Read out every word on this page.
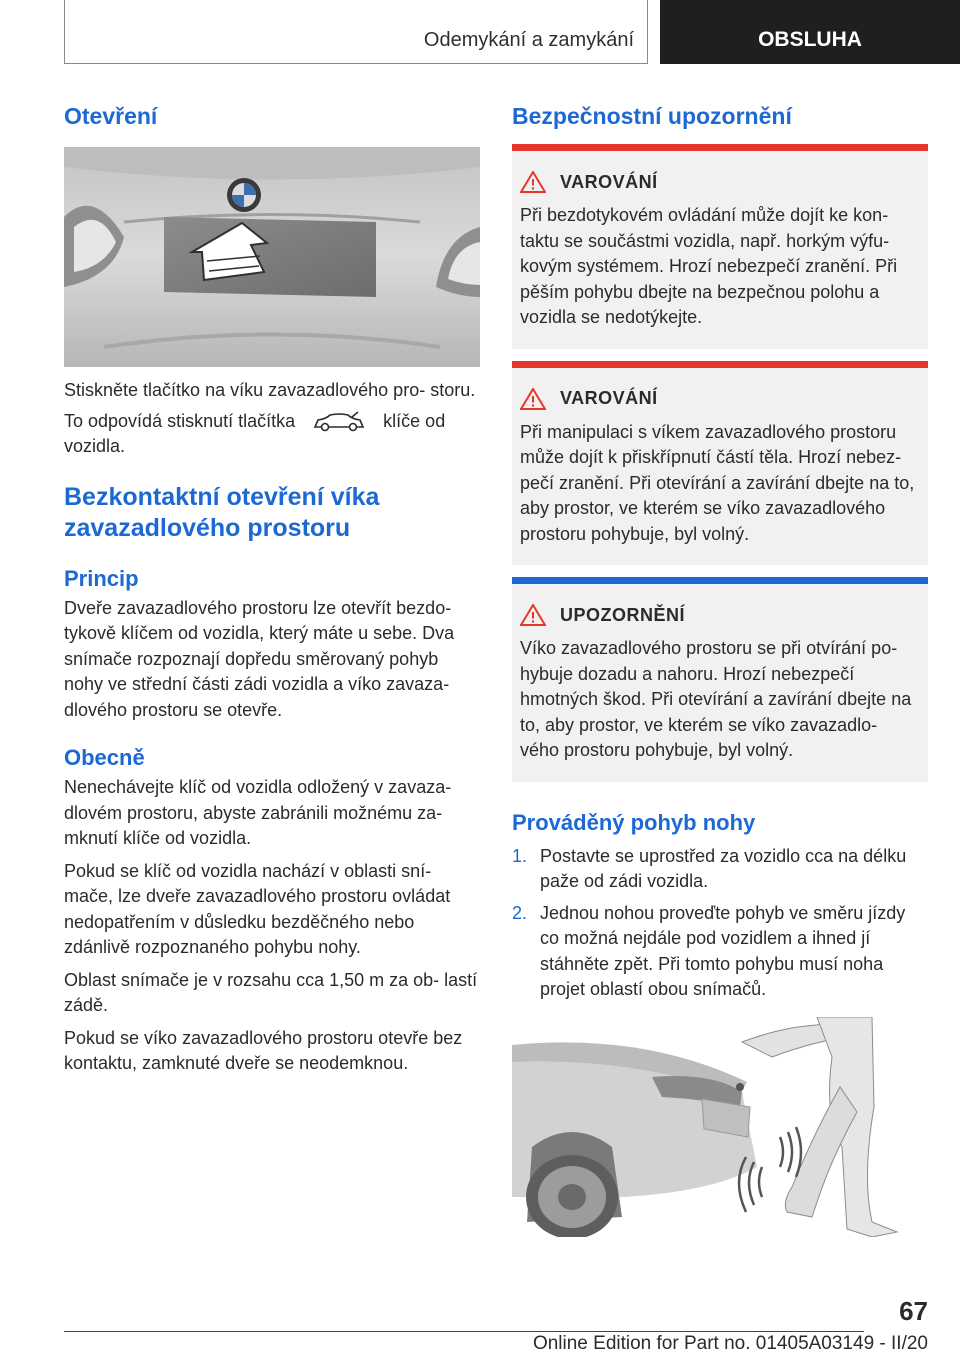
Odemykání a zamykání	OBSLUHA
Otevření

Stiskněte tlačítko na víku zavazadlového pro‐ storu.

To odpovídá stisknutí tlačítka	klíče od vozidla.

Bezkontaktní otevření víka zavazadlového prostoru
Princip

Dveře zavazadlového prostoru lze otevřít bezdo‐ tykově klíčem od vozidla, který máte u sebe. Dva snímače rozpoznají dopředu směrovaný pohyb nohy ve střední části zádi vozidla a víko zavaza‐ dlového prostoru se otevře.

Obecně

Nenechávejte klíč od vozidla odložený v zavaza‐ dlovém prostoru, abyste zabránili možnému za‐ mknutí klíče od vozidla.

Pokud se klíč od vozidla nachází v oblasti sní‐ mače, lze dveře zavazadlového prostoru ovládat nedopatřením v důsledku bezděčného nebo zdánlivě rozpoznaného pohybu nohy.

Oblast snímače je v rozsahu cca 1,50 m za ob‐ lastí zádě.

Pokud se víko zavazadlového prostoru otevře bez kontaktu, zamknuté dveře se neodemknou.

Bezpečnostní upozornění
VAROVÁNÍ
Při bezdotykovém ovládání může dojít ke kon‐ taktu se součástmi vozidla, např. horkým výfu‐ kovým systémem. Hrozí nebezpečí zranění. Při pěším pohybu dbejte na bezpečnou polohu a vozidla se nedotýkejte.
VAROVÁNÍ
Při manipulaci s víkem zavazadlového prostoru může dojít k přiskřípnutí částí těla. Hrozí nebez‐ pečí zranění. Při otevírání a zavírání dbejte na to, aby prostor, ve kterém se víko zavazadlového prostoru pohybuje, byl volný.
UPOZORNĚNÍ
Víko zavazadlového prostoru se při otvírání po‐ hybuje dozadu a nahoru. Hrozí nebezpečí hmotných škod. Při otevírání a zavírání dbejte na to, aby prostor, ve kterém se víko zavazadlo‐ vého prostoru pohybuje, byl volný.
Prováděný pohyb nohy
1. Postavte se uprostřed za vozidlo cca na délku paže od zádi vozidla.
2. Jednou nohou proveďte pohyb ve směru jízdy co možná nejdále pod vozidlem a ihned jí stáhněte zpět. Při tomto pohybu musí noha projet oblastí obou snímačů.
67
Online Edition for Part no. 01405A03149 - II/20
